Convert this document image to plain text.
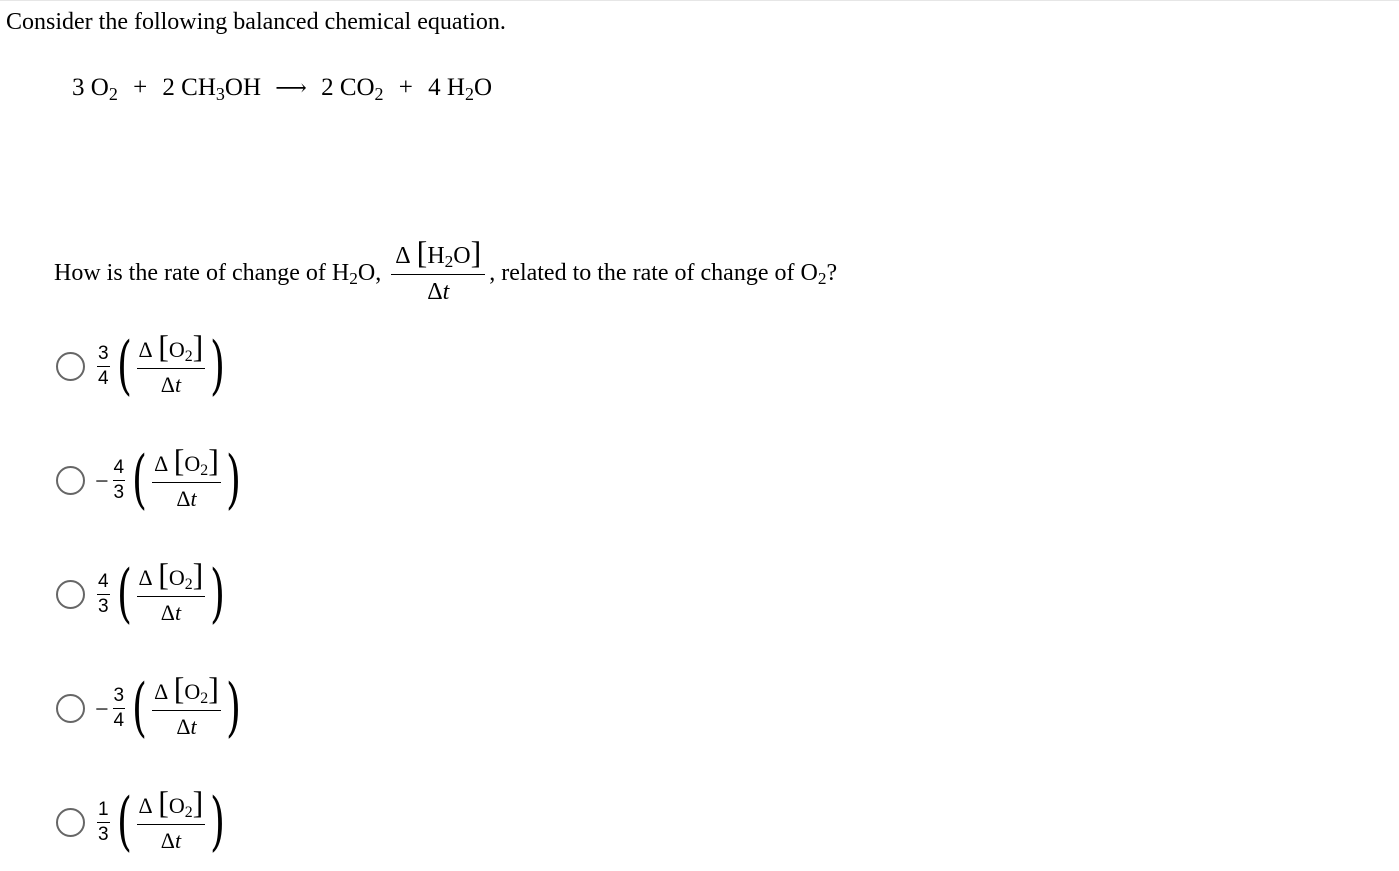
Consider the following balanced chemical equation.
3 $O_2 + 2$ $CH_3OH$ ⟶ 2 $CO_2 + 4$ $H_2O$
How is the rate of change of $H_2O$, $\frac{\Delta [H_2O]}{\Delta t}$ , related to the rate of change of $O_2$?
$\frac{3}{4}$ ( $\frac{\Delta [O_2]}{\Delta t}$ )
− $\frac{4}{3}$ ( $\frac{\Delta [O_2]}{\Delta t}$ )
$\frac{4}{3}$ ( $\frac{\Delta [O_2]}{\Delta t}$ )
− $\frac{3}{4}$ ( $\frac{\Delta [O_2]}{\Delta t}$ )
$\frac{1}{3}$ ( $\frac{\Delta [O_2]}{\Delta t}$ )
